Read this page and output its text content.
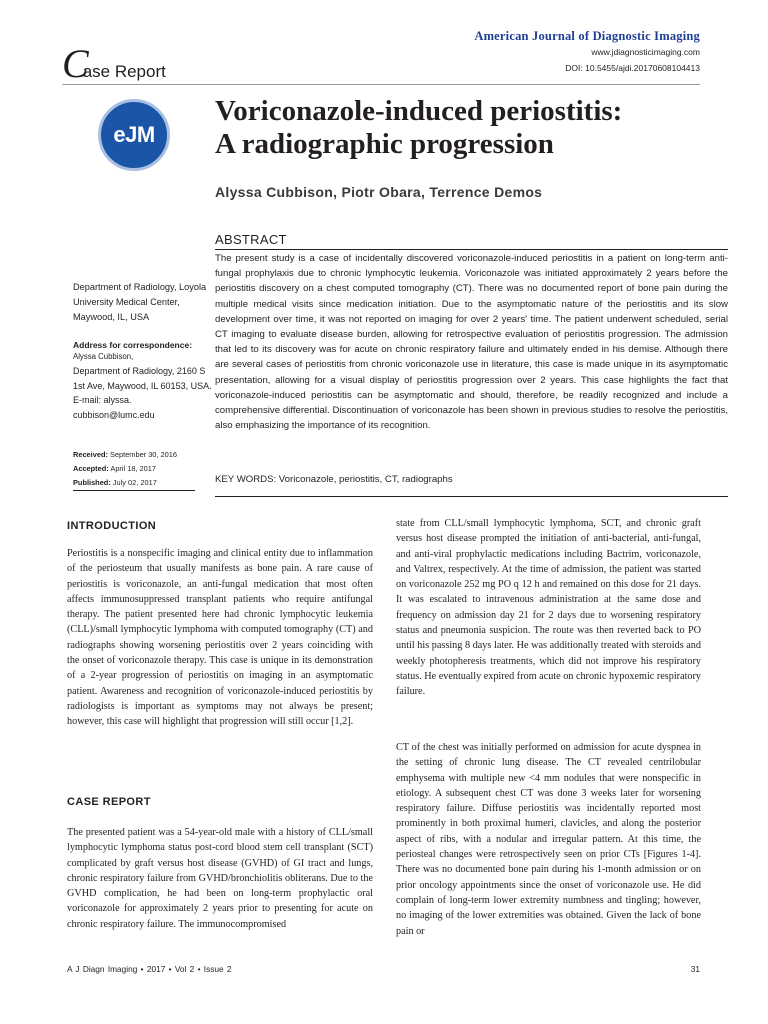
American Journal of Diagnostic Imaging
www.jdiagnosticimaging.com
DOI: 10.5455/ajdi.20170608104413
Case Report
eJM
Voriconazole-induced periostitis:
A radiographic progression
Alyssa Cubbison, Piotr Obara, Terrence Demos
ABSTRACT
The present study is a case of incidentally discovered voriconazole-induced periostitis in a patient on long-term anti-fungal prophylaxis due to chronic lymphocytic leukemia. Voriconazole was initiated approximately 2 years before the periostitis discovery on a chest computed tomography (CT). There was no documented report of bone pain during the multiple medical visits since medication initiation. Due to the asymptomatic nature of the periostitis and its slow development over time, it was not reported on imaging for over 2 years' time. The patient underwent scheduled, serial CT imaging to evaluate disease burden, allowing for retrospective evaluation of periostitis progression. The admission that led to its discovery was for acute on chronic respiratory failure and ultimately ended in his demise. Although there are several cases of periostitis from chronic voriconazole use in literature, this case is made unique in its asymptomatic presentation, allowing for a visual display of periostitis progression over 2 years. This case highlights the fact that voriconazole-induced periostitis can be asymptomatic and should, therefore, be readily recognized and include a comprehensive differential. Discontinuation of voriconazole has been shown in previous studies to resolve the periostitis, also emphasizing the importance of its recognition.
KEY WORDS: Voriconazole, periostitis, CT, radiographs
Department of Radiology, Loyola University Medical Center, Maywood, IL, USA
Address for correspondence:
Alyssa Cubbison,
Department of Radiology, 2160 S 1st Ave, Maywood, IL 60153, USA. E-mail: alyssa. cubbison@lumc.edu
Received: September 30, 2016
Accepted: April 18, 2017
Published: July 02, 2017
INTRODUCTION
Periostitis is a nonspecific imaging and clinical entity due to inflammation of the periosteum that usually manifests as bone pain. A rare cause of periostitis is voriconazole, an anti-fungal medication that most often affects immunosuppressed transplant patients who require antifungal therapy. The patient presented here had chronic lymphocytic leukemia (CLL)/small lymphocytic lymphoma with computed tomography (CT) and radiographs showing worsening periostitis over 2 years coinciding with the onset of voriconazole therapy. This case is unique in its demonstration of a 2-year progression of periostitis on imaging in an asymptomatic patient. Awareness and recognition of voriconazole-induced periostitis by radiologists is important as symptoms may not always be present; however, this case will highlight that progression will still occur [1,2].
CASE REPORT
The presented patient was a 54-year-old male with a history of CLL/small lymphocytic lymphoma status post-cord blood stem cell transplant (SCT) complicated by graft versus host disease (GVHD) of GI tract and lungs, chronic respiratory failure from GVHD/bronchiolitis obliterans. Due to the GVHD complication, he had been on long-term prophylactic oral voriconazole for approximately 2 years prior to presenting for acute on chronic respiratory failure. The immunocompromised
state from CLL/small lymphocytic lymphoma, SCT, and chronic graft versus host disease prompted the initiation of anti-bacterial, anti-fungal, and anti-viral prophylactic medications including Bactrim, voriconazole, and Valtrex, respectively. At the time of admission, the patient was started on voriconazole 252 mg PO q 12 h and remained on this dose for 21 days. It was escalated to intravenous administration at the same dose and frequency on admission day 21 for 2 days due to worsening respiratory status and pneumonia suspicion. The route was then reverted back to PO until his passing 8 days later. He was additionally treated with steroids and weekly photopheresis treatments, which did not improve his respiratory status. He eventually expired from acute on chronic hypoxemic respiratory failure.
CT of the chest was initially performed on admission for acute dyspnea in the setting of chronic lung disease. The CT revealed centrilobular emphysema with multiple new <4 mm nodules that were nonspecific in etiology. A subsequent chest CT was done 3 weeks later for worsening respiratory failure. Diffuse periostitis was incidentally reported most prominently in both proximal humeri, clavicles, and along the posterior aspect of ribs, with a nodular and irregular pattern. At this time, the periosteal changes were retrospectively seen on prior CTs [Figures 1-4]. There was no documented bone pain during his 1-month admission or on prior oncology appointments since the onset of voriconazole use. He did complain of long-term lower extremity numbness and tingling; however, no imaging of the lower extremities was obtained. Given the lack of bone pain or
A J Diagn Imaging • 2017 • Vol 2 • Issue 2	31
